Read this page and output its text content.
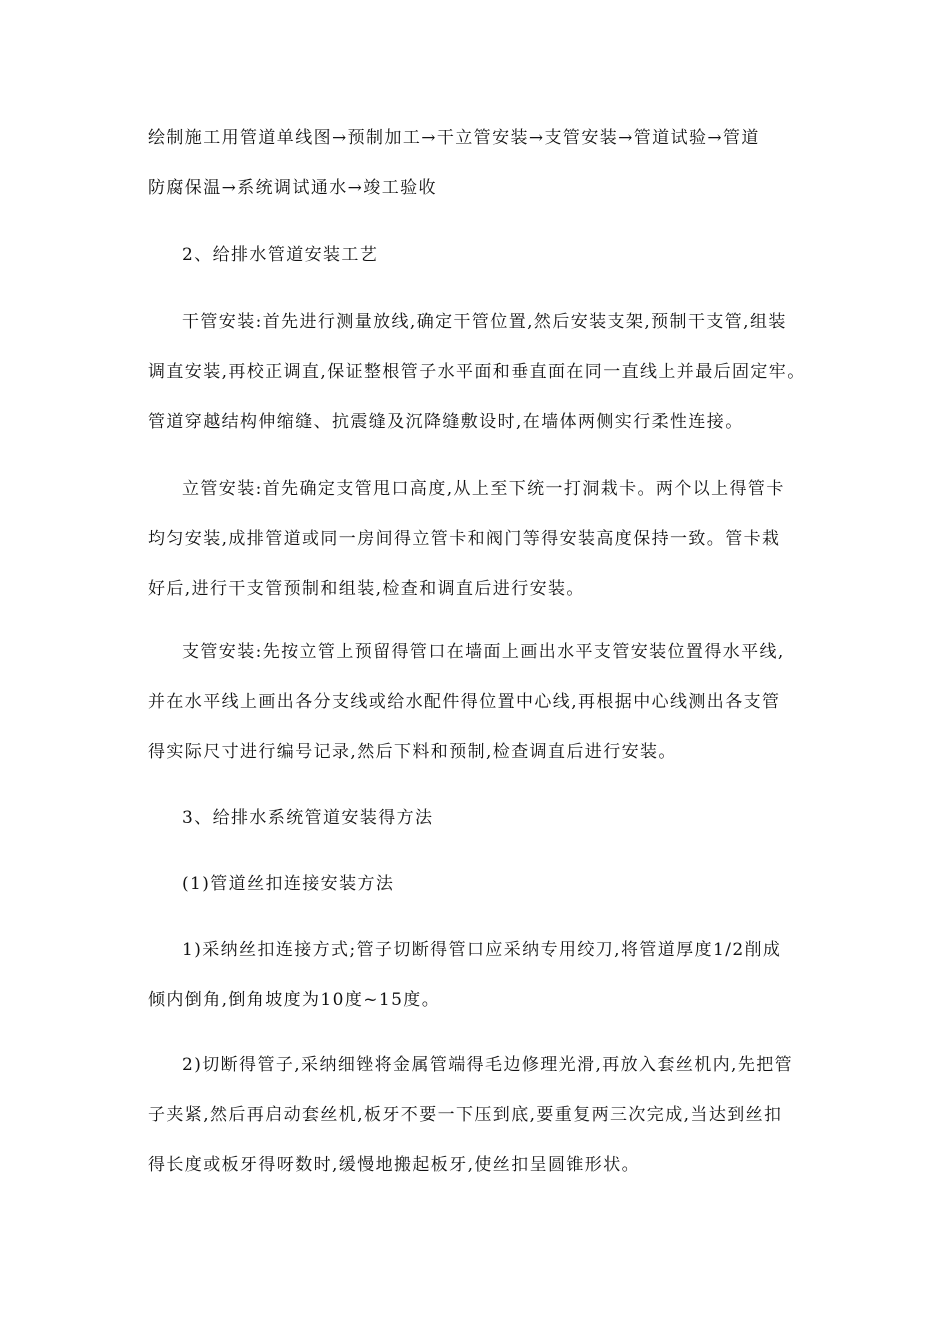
绘制施工用管道单线图→预制加工→干立管安装→支管安装→管道试验→管道
防腐保温→系统调试通水→竣工验收
2、给排水管道安装工艺
干管安装:首先进行测量放线,确定干管位置,然后安装支架,预制干支管,组装
调直安装,再校正调直,保证整根管子水平面和垂直面在同一直线上并最后固定牢。
管道穿越结构伸缩缝、抗震缝及沉降缝敷设时,在墙体两侧实行柔性连接。
立管安装:首先确定支管甩口高度,从上至下统一打洞栽卡。两个以上得管卡
均匀安装,成排管道或同一房间得立管卡和阀门等得安装高度保持一致。管卡栽
好后,进行干支管预制和组装,检查和调直后进行安装。
支管安装:先按立管上预留得管口在墙面上画出水平支管安装位置得水平线,
并在水平线上画出各分支线或给水配件得位置中心线,再根据中心线测出各支管
得实际尺寸进行编号记录,然后下料和预制,检查调直后进行安装。
3、给排水系统管道安装得方法
(1)管道丝扣连接安装方法
1)采纳丝扣连接方式;管子切断得管口应采纳专用绞刀,将管道厚度1/2削成
倾内倒角,倒角坡度为10度~15度。
2)切断得管子,采纳细锉将金属管端得毛边修理光滑,再放入套丝机内,先把管
子夹紧,然后再启动套丝机,板牙不要一下压到底,要重复两三次完成,当达到丝扣
得长度或板牙得呀数时,缓慢地搬起板牙,使丝扣呈圆锥形状。
